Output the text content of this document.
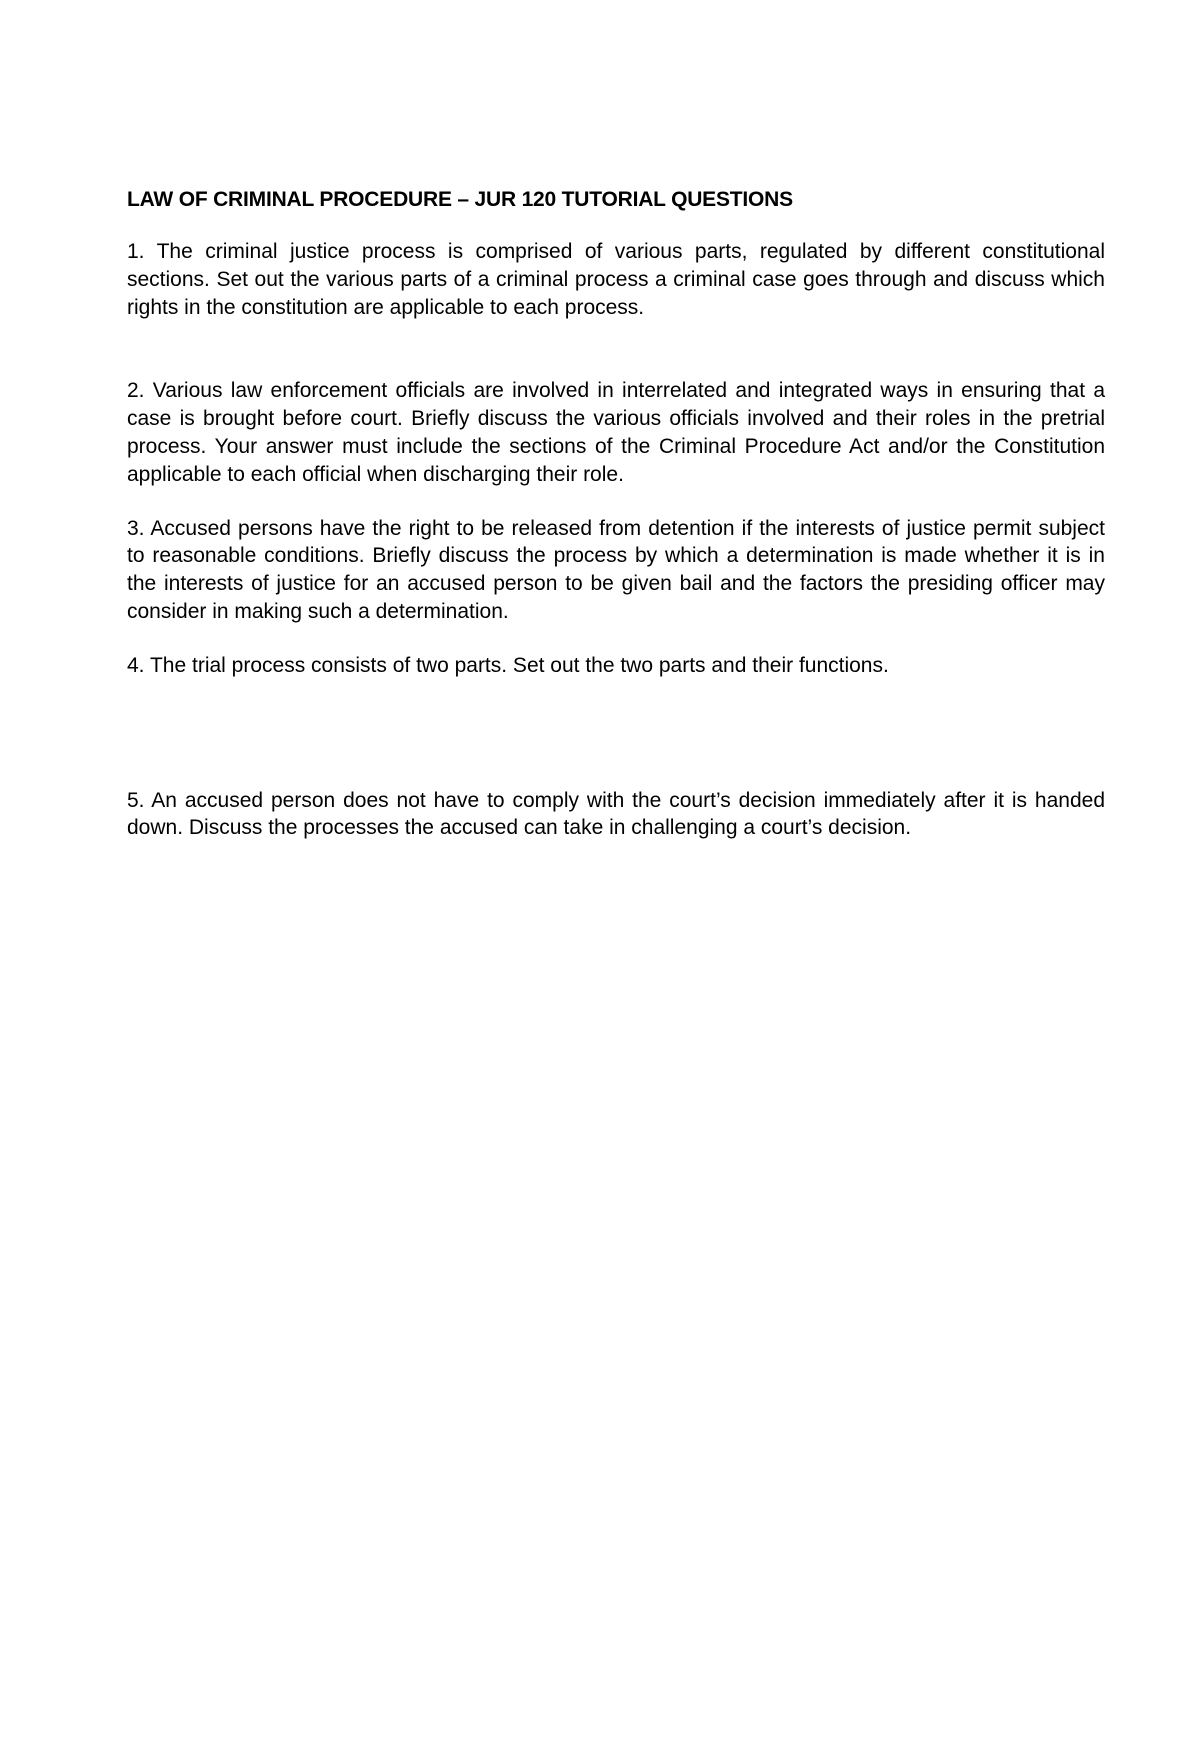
LAW OF CRIMINAL PROCEDURE – JUR 120 TUTORIAL QUESTIONS

1. The criminal justice process is comprised of various parts, regulated by different constitutional sections. Set out the various parts of a criminal process a criminal case goes through and discuss which rights in the constitution are applicable to each process.

2. Various law enforcement officials are involved in interrelated and integrated ways in ensuring that a case is brought before court. Briefly discuss the various officials involved and their roles in the pretrial process. Your answer must include the sections of the Criminal Procedure Act and/or the Constitution applicable to each official when discharging their role.

3. Accused persons have the right to be released from detention if the interests of justice permit subject to reasonable conditions. Briefly discuss the process by which a determination is made whether it is in the interests of justice for an accused person to be given bail and the factors the presiding officer may consider in making such a determination.

4. The trial process consists of two parts. Set out the two parts and their functions.

5. An accused person does not have to comply with the court’s decision immediately after it is handed down. Discuss the processes the accused can take in challenging a court’s decision.
